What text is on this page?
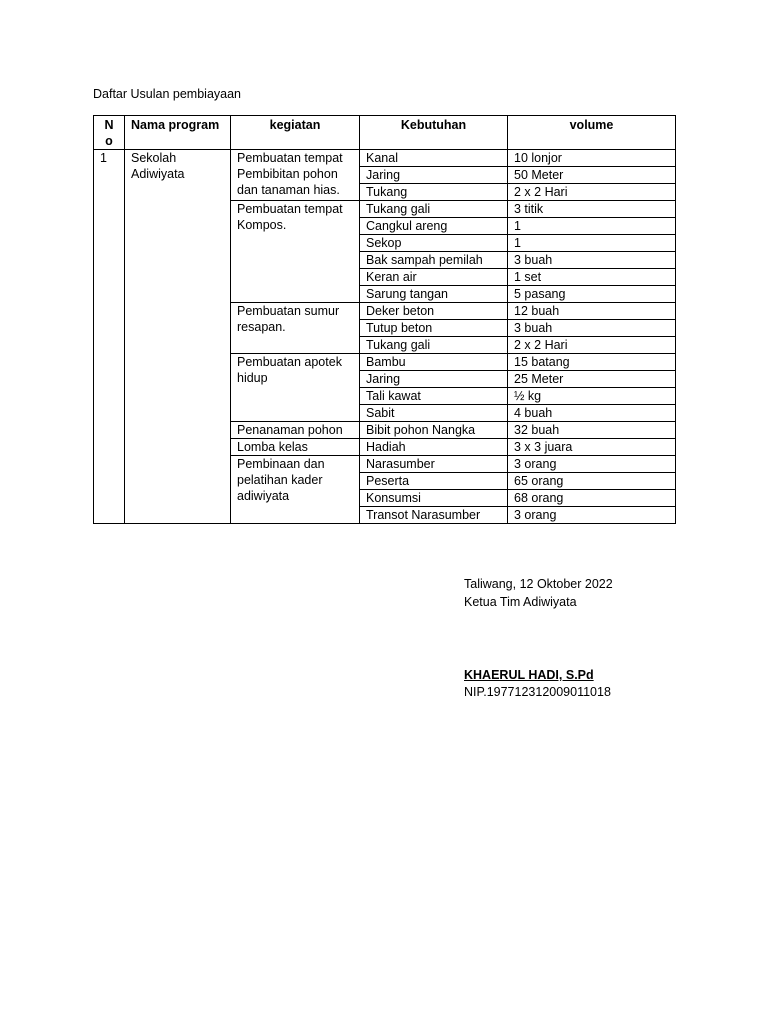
Daftar Usulan pembiayaan
N o	Nama program	kegiatan	Kebutuhan	volume
1	Sekolah Adiwiyata	Pembuatan tempat Pembibitan pohon dan tanaman hias.	Kanal	10 lonjor
			Jaring	50 Meter
			Tukang	2 x 2 Hari
		Pembuatan tempat Kompos.	Tukang gali	3 titik
			Cangkul areng	1
			Sekop	1
			Bak sampah pemilah	3 buah
			Keran air	1 set
			Sarung tangan	5 pasang
		Pembuatan sumur resapan.	Deker beton	12 buah
			Tutup beton	3 buah
			Tukang gali	2 x 2 Hari
		Pembuatan apotek hidup	Bambu	15 batang
			Jaring	25 Meter
			Tali kawat	½ kg
			Sabit	4 buah
		Penanaman pohon	Bibit pohon Nangka	32 buah
		Lomba kelas	Hadiah	3 x 3 juara
		Pembinaan dan pelatihan kader adiwiyata	Narasumber	3 orang
			Peserta	65 orang
			Konsumsi	68 orang
			Transot Narasumber	3 orang
Taliwang, 12 Oktober 2022
Ketua Tim Adiwiyata
KHAERUL HADI, S.Pd
NIP.197712312009011018
